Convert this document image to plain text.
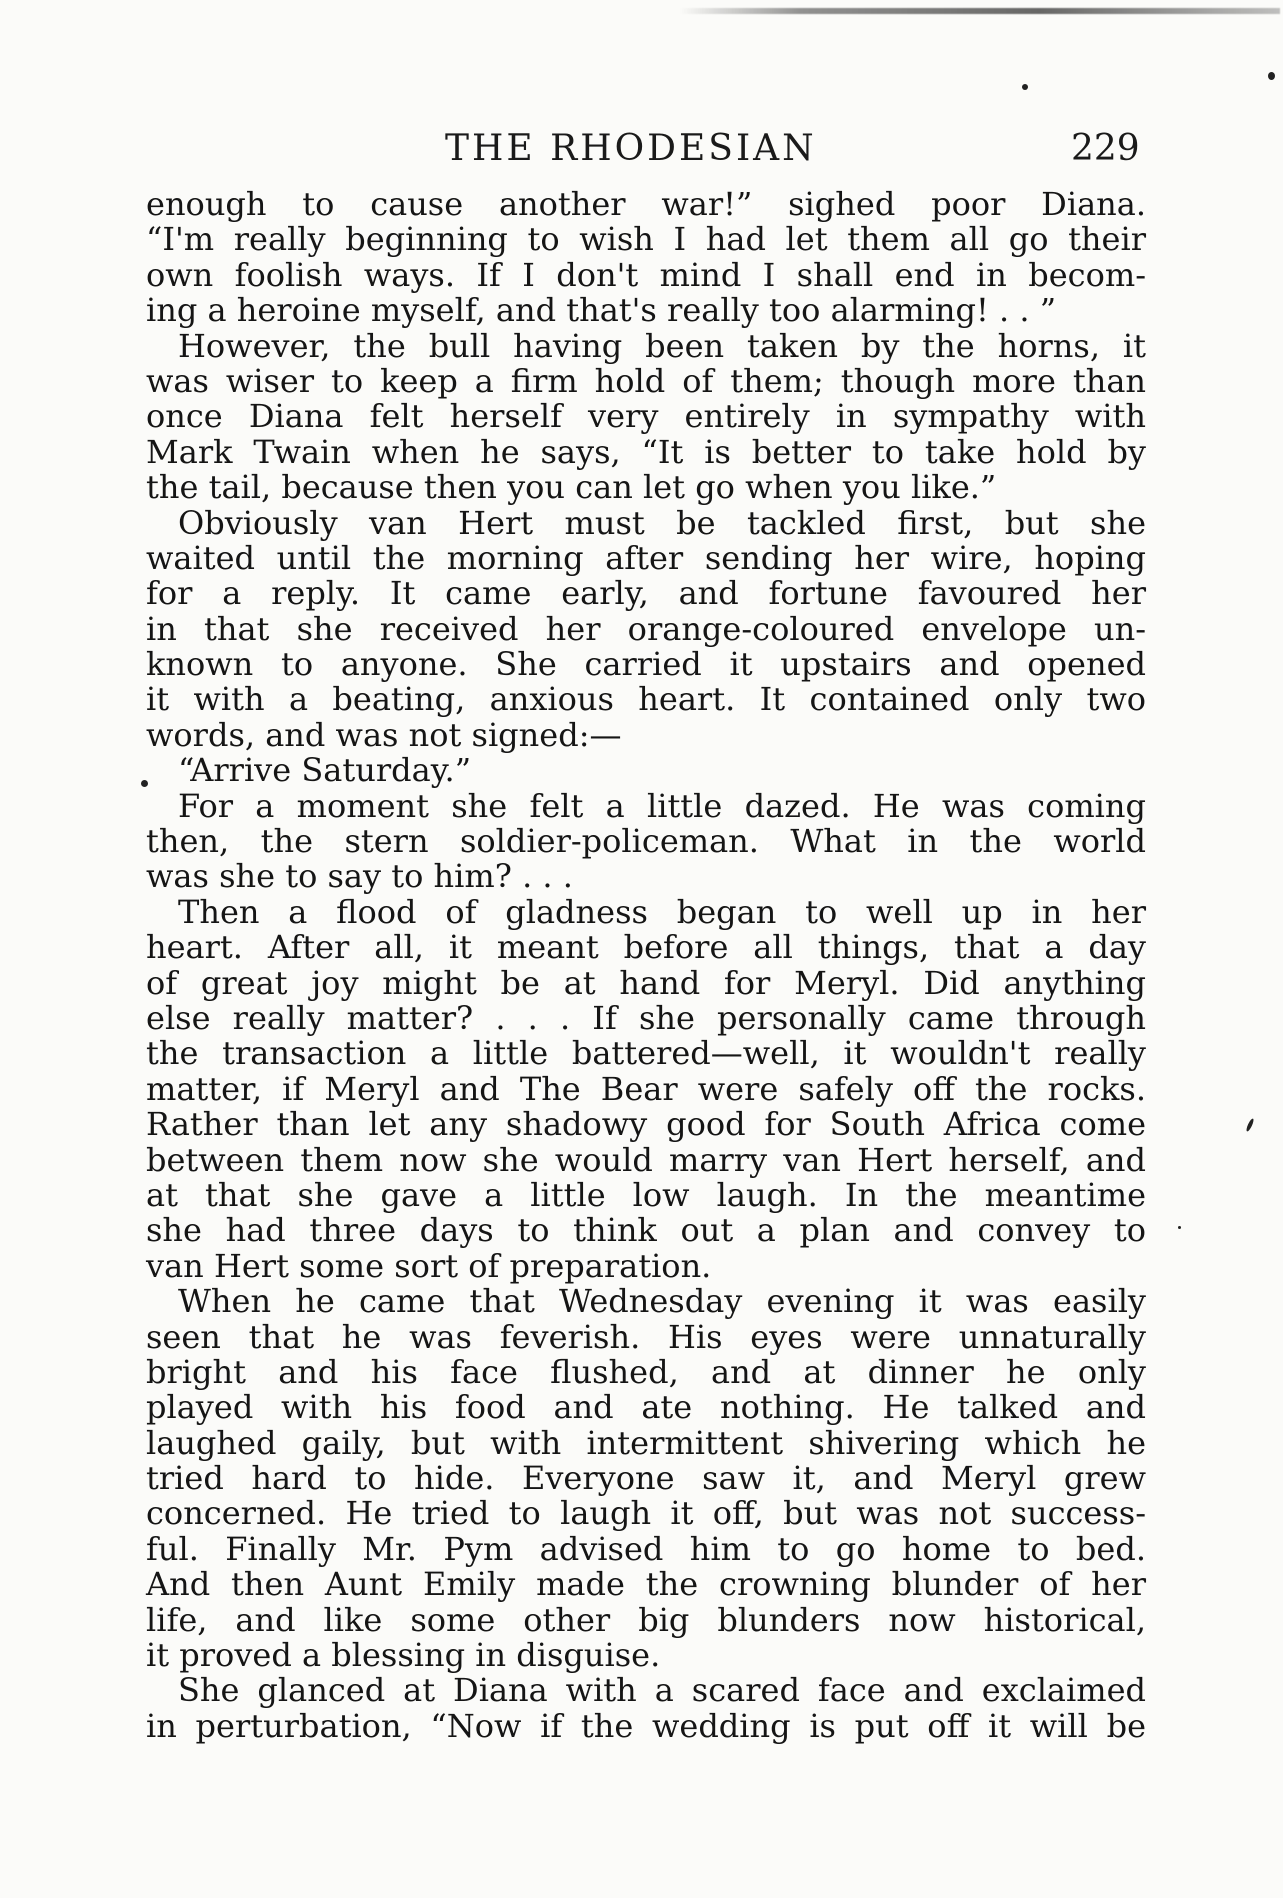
THE RHODESIAN	229
enough to cause another war!” sighed poor Diana.
“I'm really beginning to wish I had let them all go their
own foolish ways. If I don't mind I shall end in becom-
ing a heroine myself, and that's really too alarming! . . ”
However, the bull having been taken by the horns, it
was wiser to keep a firm hold of them; though more than
once Diana felt herself very entirely in sympathy with
Mark Twain when he says, “It is better to take hold by
the tail, because then you can let go when you like.”
Obviously van Hert must be tackled first, but she
waited until the morning after sending her wire, hoping
for a reply. It came early, and fortune favoured her
in that she received her orange-coloured envelope un-
known to anyone. She carried it upstairs and opened
it with a beating, anxious heart. It contained only two
words, and was not signed:—
“Arrive Saturday.”
For a moment she felt a little dazed. He was coming
then, the stern soldier-policeman. What in the world
was she to say to him? . . .
Then a flood of gladness began to well up in her
heart. After all, it meant before all things, that a day
of great joy might be at hand for Meryl. Did anything
else really matter? . . . If she personally came through
the transaction a little battered—well, it wouldn't really
matter, if Meryl and The Bear were safely off the rocks.
Rather than let any shadowy good for South Africa come
between them now she would marry van Hert herself, and
at that she gave a little low laugh. In the meantime
she had three days to think out a plan and convey to
van Hert some sort of preparation.
When he came that Wednesday evening it was easily
seen that he was feverish. His eyes were unnaturally
bright and his face flushed, and at dinner he only
played with his food and ate nothing. He talked and
laughed gaily, but with intermittent shivering which he
tried hard to hide. Everyone saw it, and Meryl grew
concerned. He tried to laugh it off, but was not success-
ful. Finally Mr. Pym advised him to go home to bed.
And then Aunt Emily made the crowning blunder of her
life, and like some other big blunders now historical,
it proved a blessing in disguise.
She glanced at Diana with a scared face and exclaimed
in perturbation, “Now if the wedding is put off it will be
